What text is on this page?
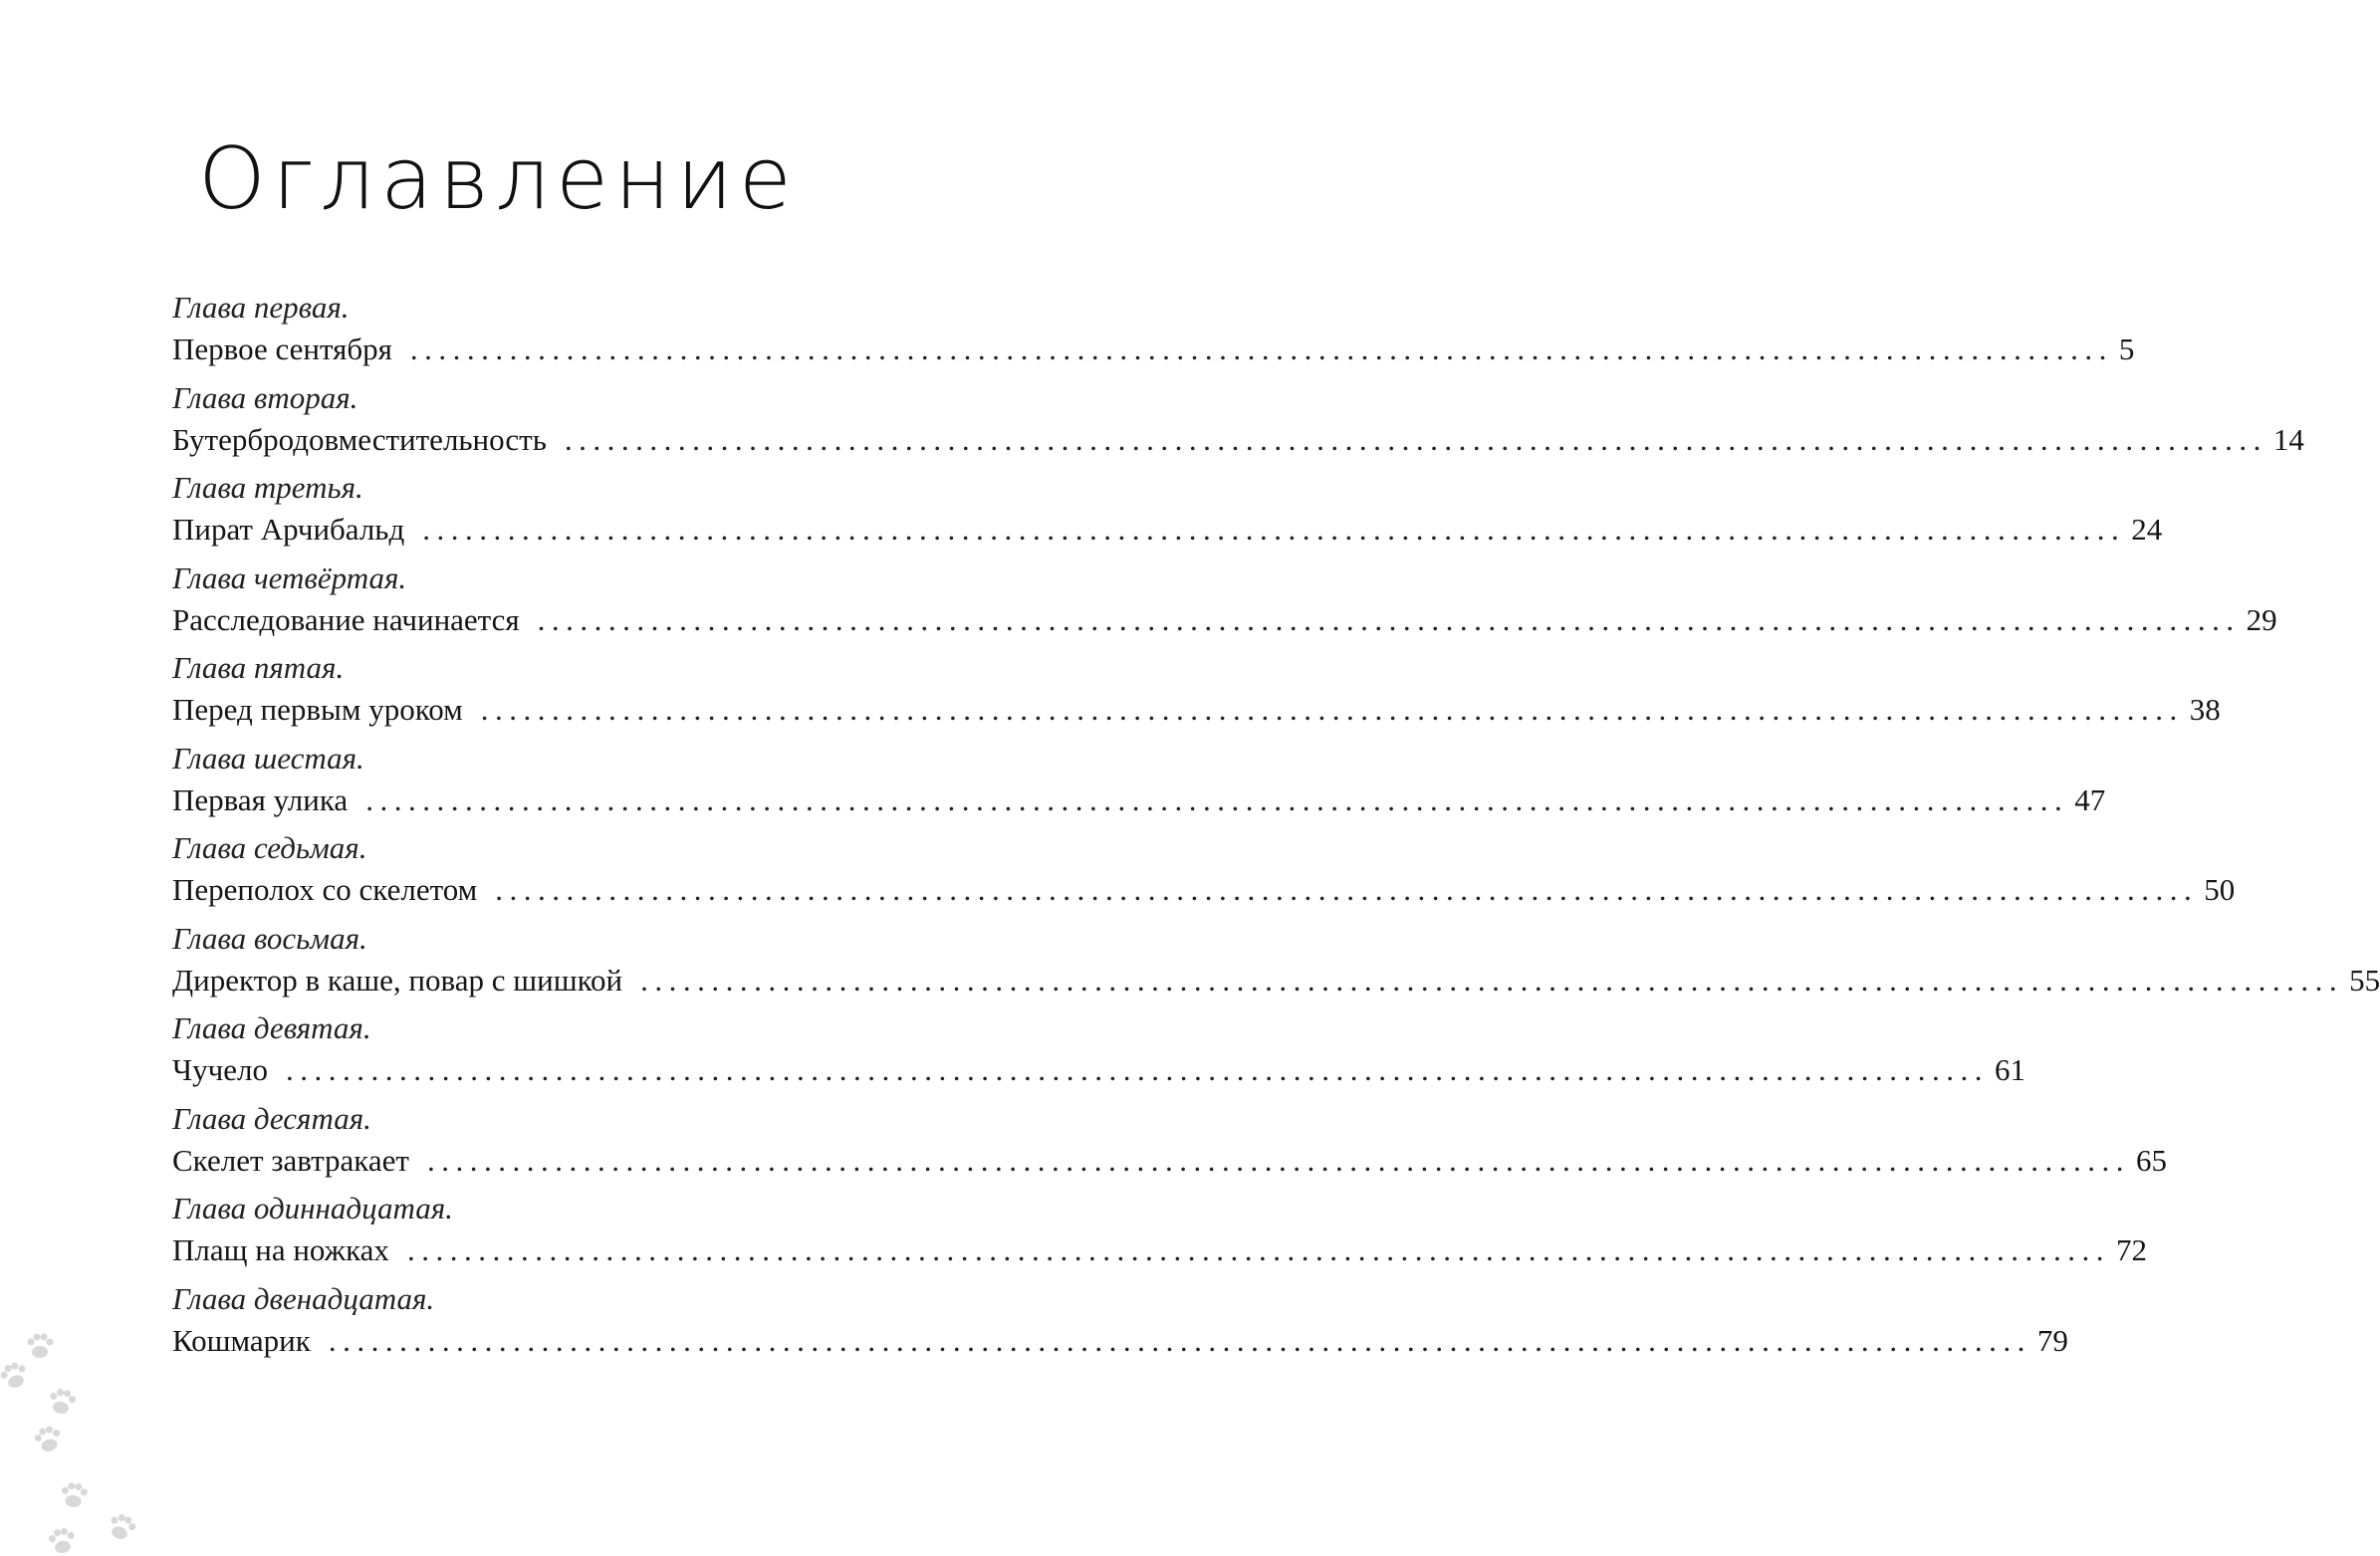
Оглавление
Глава первая.
Первое сентября ........................................................................................................................ 5
Глава вторая.
Бутербродовместительность ........................................................................................................................ 14
Глава третья.
Пират Арчибальд ........................................................................................................................ 24
Глава четвёртая.
Расследование начинается ........................................................................................................................ 29
Глава пятая.
Перед первым уроком ........................................................................................................................ 38
Глава шестая.
Первая улика ........................................................................................................................ 47
Глава седьмая.
Переполох со скелетом ........................................................................................................................ 50
Глава восьмая.
Директор в каше, повар с шишкой ........................................................................................................................ 55
Глава девятая.
Чучело ........................................................................................................................ 61
Глава десятая.
Скелет завтракает ........................................................................................................................ 65
Глава одиннадцатая.
Плащ на ножках ........................................................................................................................ 72
Глава двенадцатая.
Кошмарик ........................................................................................................................ 79
